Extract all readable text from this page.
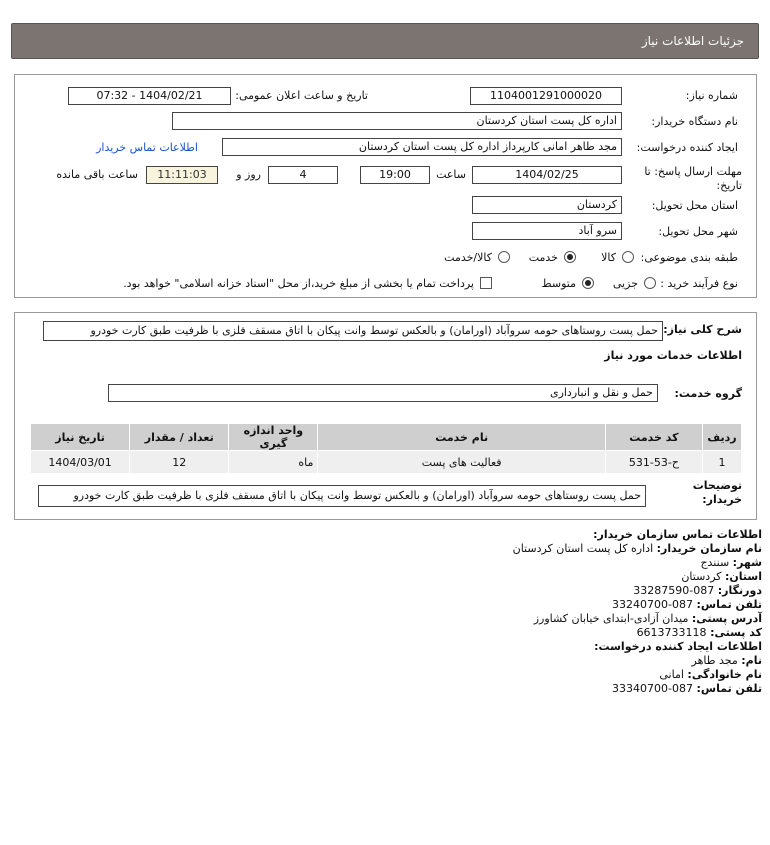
جزئیات اطلاعات نیاز
شماره نیاز:
1104001291000020
تاریخ و ساعت اعلان عمومی:
1404/02/21 - 07:32
نام دستگاه خریدار:
اداره کل پست استان کردستان
ایجاد کننده درخواست:
مجد طاهر امانی کارپرداز اداره کل پست استان کردستان
اطلاعات تماس خریدار
مهلت ارسال پاسخ: تا تاریخ:
1404/02/25
ساعت
19:00
4
روز و
11:11:03
ساعت باقی مانده
استان محل تحویل:
کردستان
شهر محل تحویل:
سرو آباد
طبقه بندی موضوعی:
کالا
خدمت
کالا/خدمت
نوع فرآیند خرید :
جزیی
متوسط
پرداخت تمام یا بخشی از مبلغ خرید،از محل "اسناد خزانه اسلامی" خواهد بود.
شرح کلی نیاز:
حمل پست روستاهای حومه سروآباد (اورامان) و بالعکس توسط وانت پیکان با اتاق مسقف فلزی با ظرفیت طبق کارت خودرو
اطلاعات خدمات مورد نیاز
گروه خدمت:
حمل و نقل و انبارداری
ردیف	کد خدمت	نام خدمت	واحد اندازه گیری	تعداد / مقدار	تاریخ نیاز
1	ح-53-531	فعالیت های پست	ماه	12	1404/03/01
توضیحات خریدار:
حمل پست روستاهای حومه سروآباد (اورامان) و بالعکس توسط وانت پیکان با اتاق مسقف فلزی با ظرفیت طبق کارت خودرو
اطلاعات تماس سازمان خریدار:
نام سازمان خریدار: اداره کل پست استان کردستان
شهر: سنندج
استان: کردستان
دورنگار: 087-33287590
تلفن تماس: 087-33240700
آدرس پستی: میدان آزادی-ابتدای خیابان کشاورز
کد پستی: 6613733118
اطلاعات ایجاد کننده درخواست:
نام: مجد طاهر
نام خانوادگی: امانی
تلفن تماس: 087-33340700
